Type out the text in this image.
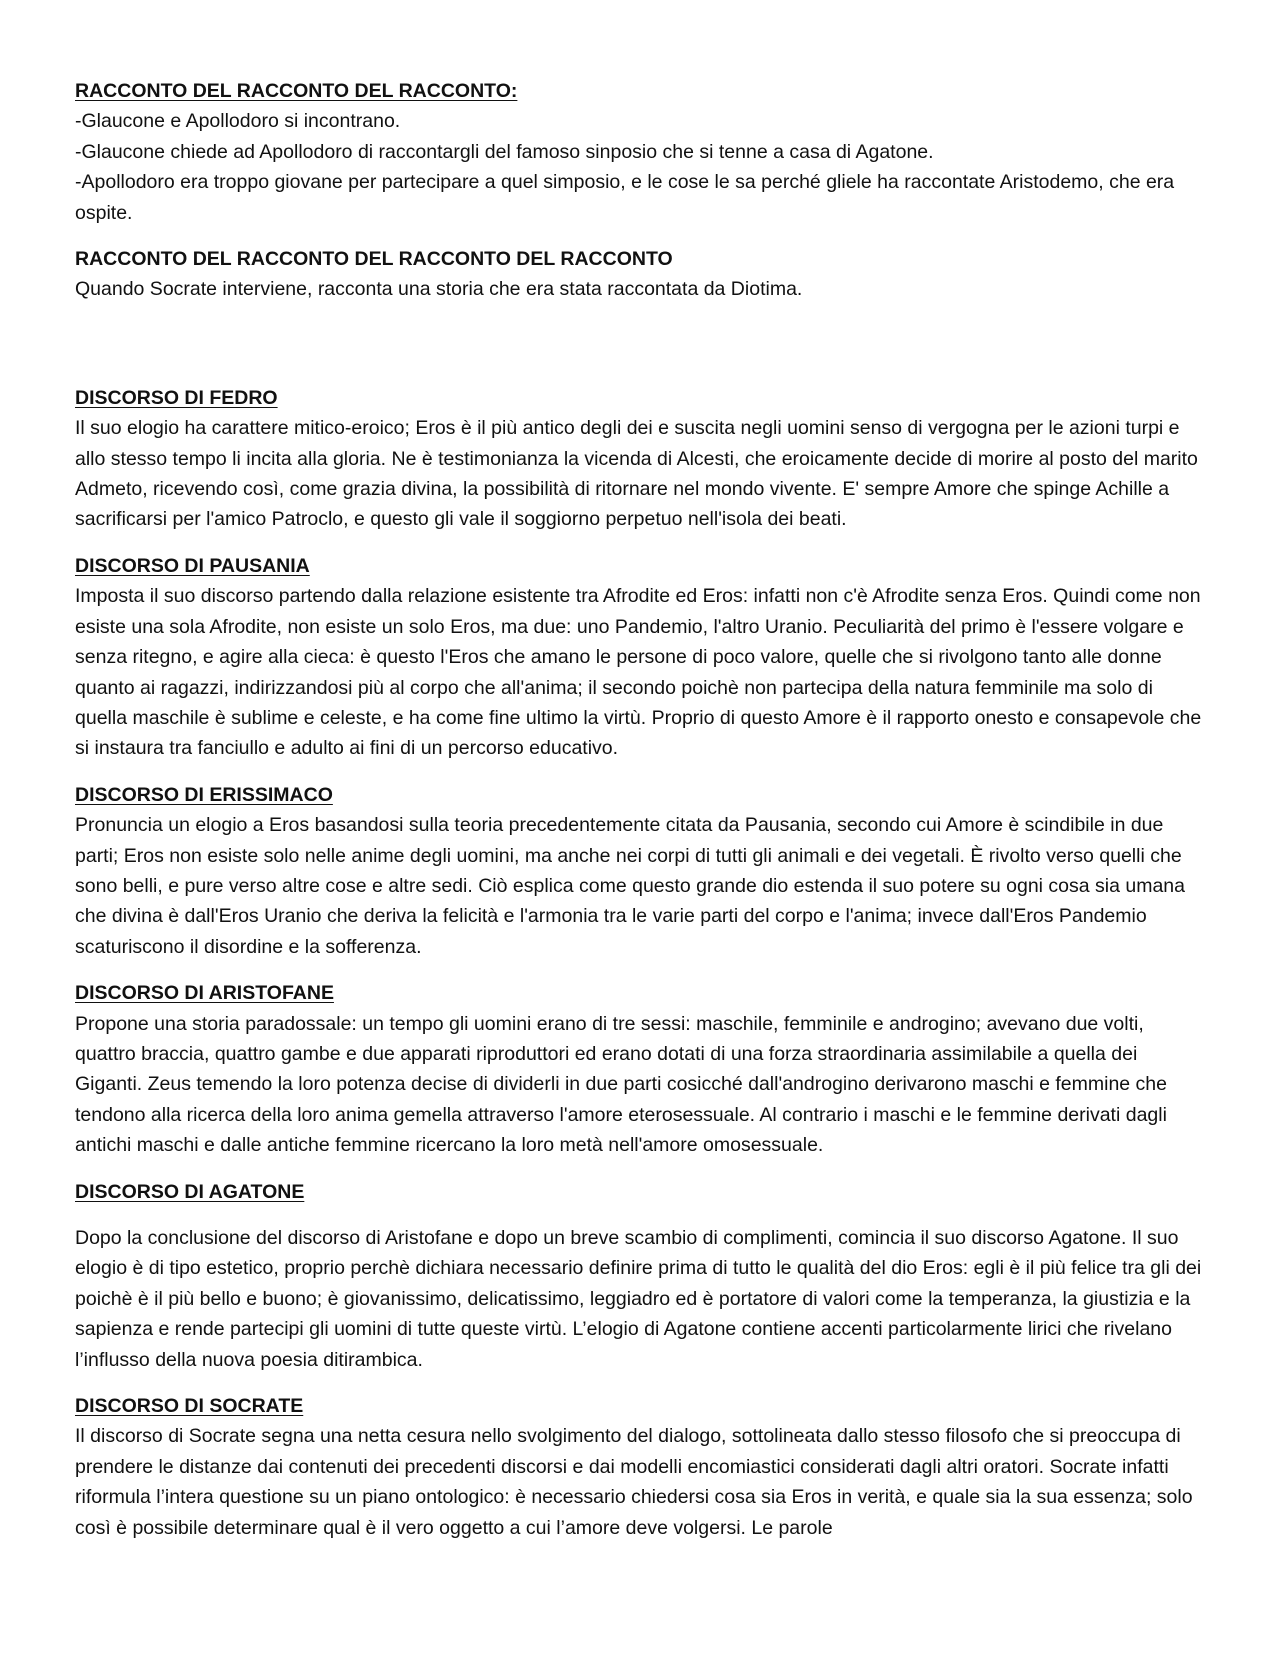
RACCONTO DEL RACCONTO DEL RACCONTO:

-Glaucone e Apollodoro si incontrano.

-Glaucone chiede ad Apollodoro di raccontargli del famoso sinposio che si tenne a casa di Agatone.

-Apollodoro era troppo giovane per partecipare a quel simposio, e le cose le sa perché gliele ha raccontate Aristodemo, che era ospite.

RACCONTO DEL RACCONTO DEL RACCONTO DEL RACCONTO

Quando Socrate interviene, racconta una storia che era stata raccontata da Diotima.

DISCORSO DI FEDRO

Il suo elogio ha carattere mitico-eroico; Eros è il più antico degli dei e suscita negli uomini senso di vergogna per le azioni turpi e allo stesso tempo li incita alla gloria. Ne è testimonianza la vicenda di Alcesti, che eroicamente decide di morire al posto del marito Admeto, ricevendo così, come grazia divina, la possibilità di ritornare nel mondo vivente. E' sempre Amore che spinge Achille a sacrificarsi per l'amico Patroclo, e questo gli vale il soggiorno perpetuo nell'isola dei beati.

DISCORSO DI PAUSANIA

Imposta il suo discorso partendo dalla relazione esistente tra Afrodite ed Eros: infatti non c'è Afrodite senza Eros. Quindi come non esiste una sola Afrodite, non esiste un solo Eros, ma due: uno Pandemio, l'altro Uranio. Peculiarità del primo è l'essere volgare e senza ritegno, e agire alla cieca: è questo l'Eros che amano le persone di poco valore, quelle che si rivolgono tanto alle donne quanto ai ragazzi, indirizzandosi più al corpo che all'anima; il secondo poichè non partecipa della natura femminile ma solo di quella maschile è sublime e celeste, e ha come fine ultimo la virtù. Proprio di questo Amore è il rapporto onesto e consapevole che si instaura tra fanciullo e adulto ai fini di un percorso educativo.

DISCORSO DI ERISSIMACO

Pronuncia un elogio a Eros basandosi sulla teoria precedentemente citata da Pausania, secondo cui Amore è scindibile in due parti; Eros non esiste solo nelle anime degli uomini, ma anche nei corpi di tutti gli animali e dei vegetali. È rivolto verso quelli che sono belli, e pure verso altre cose e altre sedi. Ciò esplica come questo grande dio estenda il suo potere su ogni cosa sia umana che divina è dall'Eros Uranio che deriva la felicità e l'armonia tra le varie parti del corpo e l'anima; invece dall'Eros Pandemio scaturiscono il disordine e la sofferenza.

DISCORSO DI ARISTOFANE

Propone una storia paradossale: un tempo gli uomini erano di tre sessi: maschile, femminile e androgino; avevano due volti, quattro braccia, quattro gambe e due apparati riproduttori ed erano dotati di una forza straordinaria assimilabile a quella dei Giganti. Zeus temendo la loro potenza decise di dividerli in due parti cosicché dall'androgino derivarono maschi e femmine che tendono alla ricerca della loro anima gemella attraverso l'amore eterosessuale. Al contrario i maschi e le femmine derivati dagli antichi maschi e dalle antiche femmine ricercano la loro metà nell'amore omosessuale.

DISCORSO DI AGATONE

Dopo la conclusione del discorso di Aristofane e dopo un breve scambio di complimenti, comincia il suo discorso Agatone. Il suo elogio è di tipo estetico, proprio perchè dichiara necessario definire prima di tutto le qualità del dio Eros: egli è il più felice tra gli dei poichè è il più bello e buono; è giovanissimo, delicatissimo, leggiadro ed è portatore di valori come la temperanza, la giustizia e la sapienza e rende partecipi gli uomini di tutte queste virtù. L’elogio di Agatone contiene accenti particolarmente lirici che rivelano l’influsso della nuova poesia ditirambica.

DISCORSO DI SOCRATE

Il discorso di Socrate segna una netta cesura nello svolgimento del dialogo, sottolineata dallo stesso filosofo che si preoccupa di prendere le distanze dai contenuti dei precedenti discorsi e dai modelli encomiastici considerati dagli altri oratori. Socrate infatti riformula l’intera questione su un piano ontologico: è necessario chiedersi cosa sia Eros in verità, e quale sia la sua essenza; solo così è possibile determinare qual è il vero oggetto a cui l’amore deve volgersi. Le parole
